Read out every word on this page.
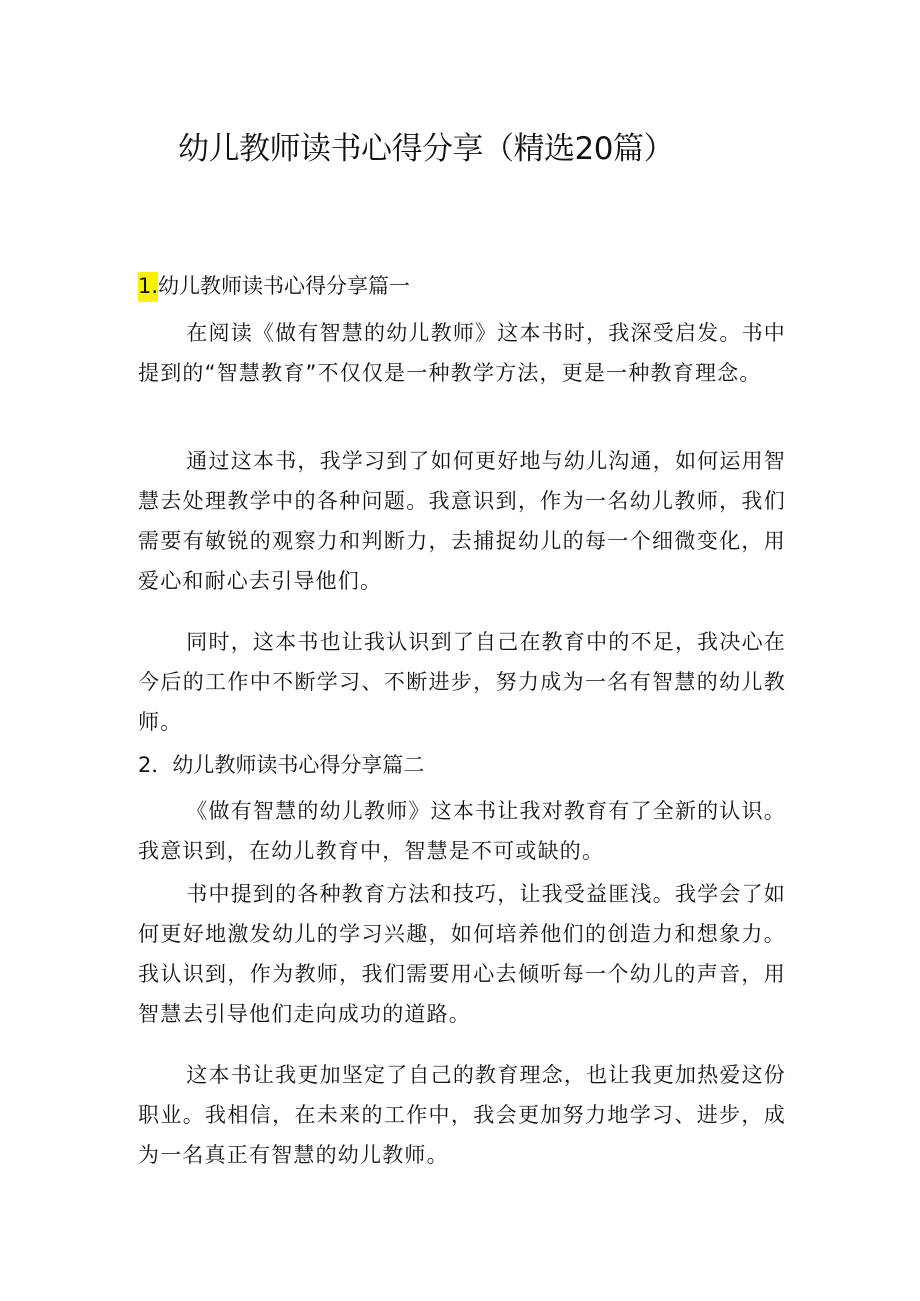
幼儿教师读书心得分享（精选20篇）
1.幼儿教师读书心得分享篇一

在阅读《做有智慧的幼儿教师》这本书时，我深受启发。书中提到的“智慧教育”不仅仅是一种教学方法，更是一种教育理念。

通过这本书，我学习到了如何更好地与幼儿沟通，如何运用智慧去处理教学中的各种问题。我意识到，作为一名幼儿教师，我们需要有敏锐的观察力和判断力，去捕捉幼儿的每一个细微变化，用爱心和耐心去引导他们。

同时，这本书也让我认识到了自己在教育中的不足，我决心在今后的工作中不断学习、不断进步，努力成为一名有智慧的幼儿教师。

2．幼儿教师读书心得分享篇二

《做有智慧的幼儿教师》这本书让我对教育有了全新的认识。我意识到，在幼儿教育中，智慧是不可或缺的。

书中提到的各种教育方法和技巧，让我受益匪浅。我学会了如何更好地激发幼儿的学习兴趣，如何培养他们的创造力和想象力。我认识到，作为教师，我们需要用心去倾听每一个幼儿的声音，用智慧去引导他们走向成功的道路。

这本书让我更加坚定了自己的教育理念，也让我更加热爱这份职业。我相信，在未来的工作中，我会更加努力地学习、进步，成为一名真正有智慧的幼儿教师。
